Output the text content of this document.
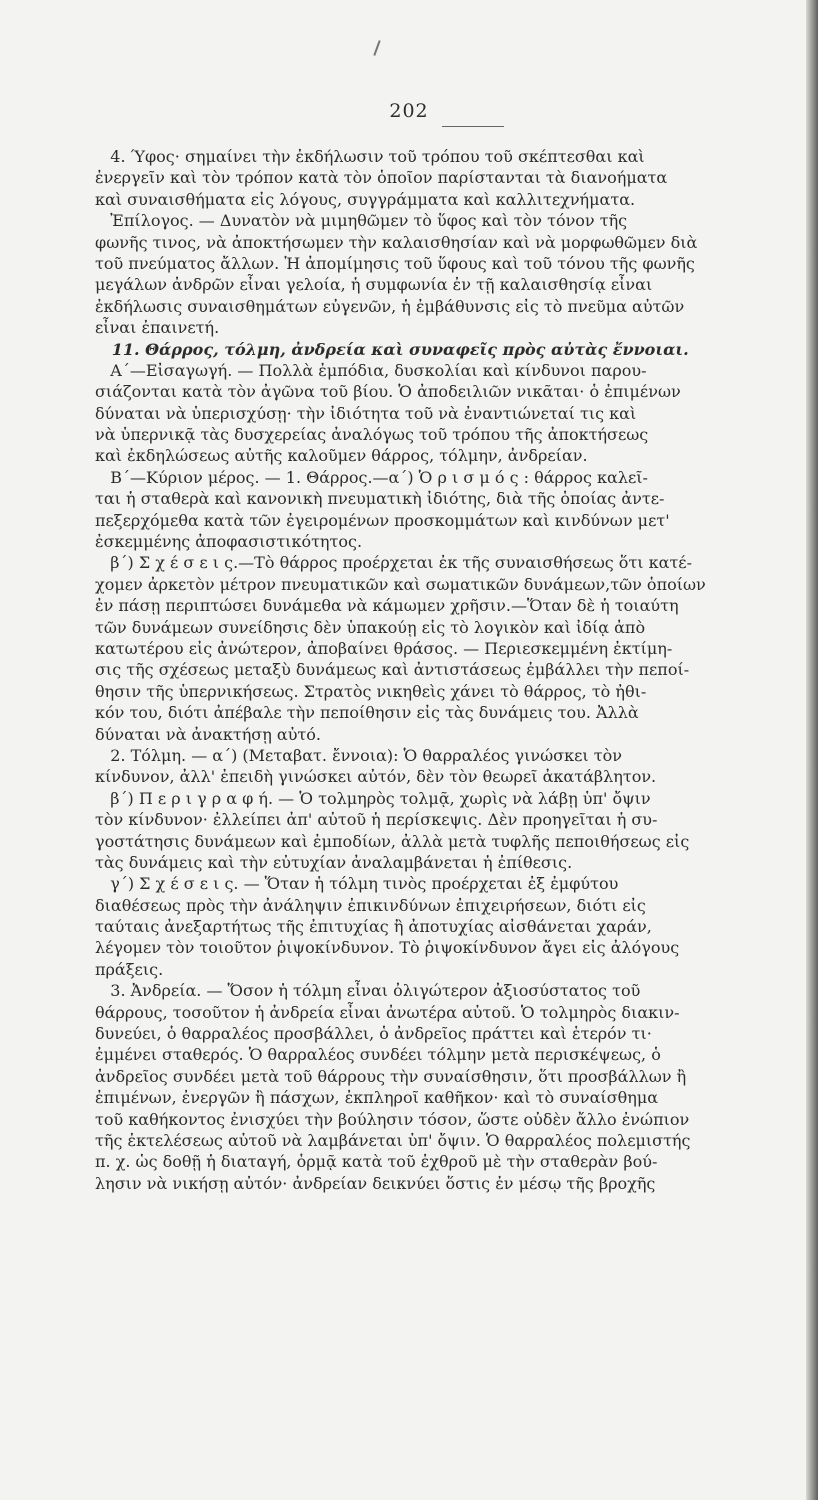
202
4. Ύφος· σημαίνει τὴν ἐκδήλωσιν τοῦ τρόπου τοῦ σκέπτεσθαι καὶ
ἐνεργεῖν καὶ τὸν τρόπον κατὰ τὸν ὁποῖον παρίστανται τὰ διανοήματα
καὶ συναισθήματα εἰς λόγους, συγγράμματα καὶ καλλιτεχνήματα.
Ἐπίλογος. — Δυνατὸν νὰ μιμηθῶμεν τὸ ὕφος καὶ τὸν τόνον τῆς
φωνῆς τινος, νὰ ἀποκτήσωμεν τὴν καλαισθησίαν καὶ νὰ μορφωθῶμεν διὰ
τοῦ πνεύματος ἄλλων. Ἡ ἀπομίμησις τοῦ ὕφους καὶ τοῦ τόνου τῆς φωνῆς
μεγάλων ἀνδρῶν εἶναι γελοία, ἡ συμφωνία ἐν τῇ καλαισθησίᾳ εἶναι
ἐκδήλωσις συναισθημάτων εὐγενῶν, ἡ ἐμβάθυνσις εἰς τὸ πνεῦμα αὐτῶν
εἶναι ἐπαινετή.
11. Θάρρος, τόλμη, ἀνδρεία καὶ συναφεῖς πρὸς αὐτὰς ἔννοιαι.
Α΄—Εἰσαγωγή. — Πολλὰ ἐμπόδια, δυσκολίαι καὶ κίνδυνοι παρου-
σιάζονται κατὰ τὸν ἀγῶνα τοῦ βίου. Ὁ ἀποδειλιῶν νικᾶται· ὁ ἐπιμένων
δύναται νὰ ὑπερισχύσῃ· τὴν ἰδιότητα τοῦ νὰ ἐναντιώνεταί τις καὶ
νὰ ὑπερνικᾷ τὰς δυσχερείας ἀναλόγως τοῦ τρόπου τῆς ἀποκτήσεως
καὶ ἐκδηλώσεως αὐτῆς καλοῦμεν θάρρος, τόλμην, ἀνδρείαν.
Β΄—Κύριον μέρος. — 1. Θάρρος.—α΄) Ὁ ρ ι σ μ ό ς : θάρρος καλεῖ-
ται ἡ σταθερὰ καὶ κανονικὴ πνευματικὴ ἰδιότης, διὰ τῆς ὁποίας ἀντε-
πεξερχόμεθα κατὰ τῶν ἐγειρομένων προσκομμάτων καὶ κινδύνων μετ'
ἐσκεμμένης ἀποφασιστικότητος.
β΄) Σ χ έ σ ε ι ς.—Τὸ θάρρος προέρχεται ἐκ τῆς συναισθήσεως ὅτι κατέ-
χομεν ἀρκετὸν μέτρον πνευματικῶν καὶ σωματικῶν δυνάμεων,τῶν ὁποίων
ἐν πάσῃ περιπτώσει δυνάμεθα νὰ κάμωμεν χρῆσιν.—Ὅταν δὲ ἡ τοιαύτη
τῶν δυνάμεων συνείδησις δὲν ὑπακούῃ εἰς τὸ λογικὸν καὶ ἰδίᾳ ἀπὸ
κατωτέρου εἰς ἀνώτερον, ἀποβαίνει θράσος. — Περιεσκεμμένη ἐκτίμη-
σις τῆς σχέσεως μεταξὺ δυνάμεως καὶ ἀντιστάσεως ἐμβάλλει τὴν πεποί-
θησιν τῆς ὑπερνικήσεως. Στρατὸς νικηθεὶς χάνει τὸ θάρρος, τὸ ἠθι-
κόν του, διότι ἀπέβαλε τὴν πεποίθησιν εἰς τὰς δυνάμεις του. Ἀλλὰ
δύναται νὰ ἀνακτήσῃ αὐτό.
2. Τόλμη. — α΄) (Μεταβατ. ἔννοια): Ὁ θαρραλέος γινώσκει τὸν
κίνδυνον, ἀλλ' ἐπειδὴ γινώσκει αὐτόν, δὲν τὸν θεωρεῖ ἀκατάβλητον.
β΄) Π ε ρ ι γ ρ α φ ή. — Ὁ τολμηρὸς τολμᾷ, χωρὶς νὰ λάβῃ ὑπ' ὄψιν
τὸν κίνδυνον· ἐλλείπει ἀπ' αὐτοῦ ἡ περίσκεψις. Δὲν προηγεῖται ἡ συ-
γοστάτησις δυνάμεων καὶ ἐμποδίων, ἀλλὰ μετὰ τυφλῆς πεποιθήσεως εἰς
τὰς δυνάμεις καὶ τὴν εὐτυχίαν ἀναλαμβάνεται ἡ ἐπίθεσις.
γ΄) Σ χ έ σ ε ι ς. — Ὅταν ἡ τόλμη τινὸς προέρχεται ἐξ ἐμφύτου
διαθέσεως πρὸς τὴν ἀνάληψιν ἐπικινδύνων ἐπιχειρήσεων, διότι εἰς
ταύταις ἀνεξαρτήτως τῆς ἐπιτυχίας ἢ ἀποτυχίας αἰσθάνεται χαράν,
λέγομεν τὸν τοιοῦτον ῥιψοκίνδυνον. Τὸ ῥιψοκίνδυνον ἄγει εἰς ἀλόγους
πράξεις.
3. Ἀνδρεία. — Ὅσον ἡ τόλμη εἶναι ὀλιγώτερον ἀξιοσύστατος τοῦ
θάρρους, τοσοῦτον ἡ ἀνδρεία εἶναι ἀνωτέρα αὐτοῦ. Ὁ τολμηρὸς διακιν-
δυνεύει, ὁ θαρραλέος προσβάλλει, ὁ ἀνδρεῖος πράττει καὶ ἑτερόν τι·
ἐμμένει σταθερός. Ὁ θαρραλέος συνδέει τόλμην μετὰ περισκέψεως, ὁ
ἀνδρεῖος συνδέει μετὰ τοῦ θάρρους τὴν συναίσθησιν, ὅτι προσβάλλων ἢ
ἐπιμένων, ἐνεργῶν ἢ πάσχων, ἐκπληροῖ καθῆκον· καὶ τὸ συναίσθημα
τοῦ καθήκοντος ἐνισχύει τὴν βούλησιν τόσον, ὥστε οὐδὲν ἄλλο ἐνώπιον
τῆς ἐκτελέσεως αὐτοῦ νὰ λαμβάνεται ὑπ' ὄψιν. Ὁ θαρραλέος πολεμιστής
π. χ. ὡς δοθῇ ἡ διαταγή, ὁρμᾷ κατὰ τοῦ ἐχθροῦ μὲ τὴν σταθερὰν βού-
λησιν νὰ νικήσῃ αὐτόν· ἀνδρείαν δεικνύει ὅστις ἐν μέσῳ τῆς βροχῆς
